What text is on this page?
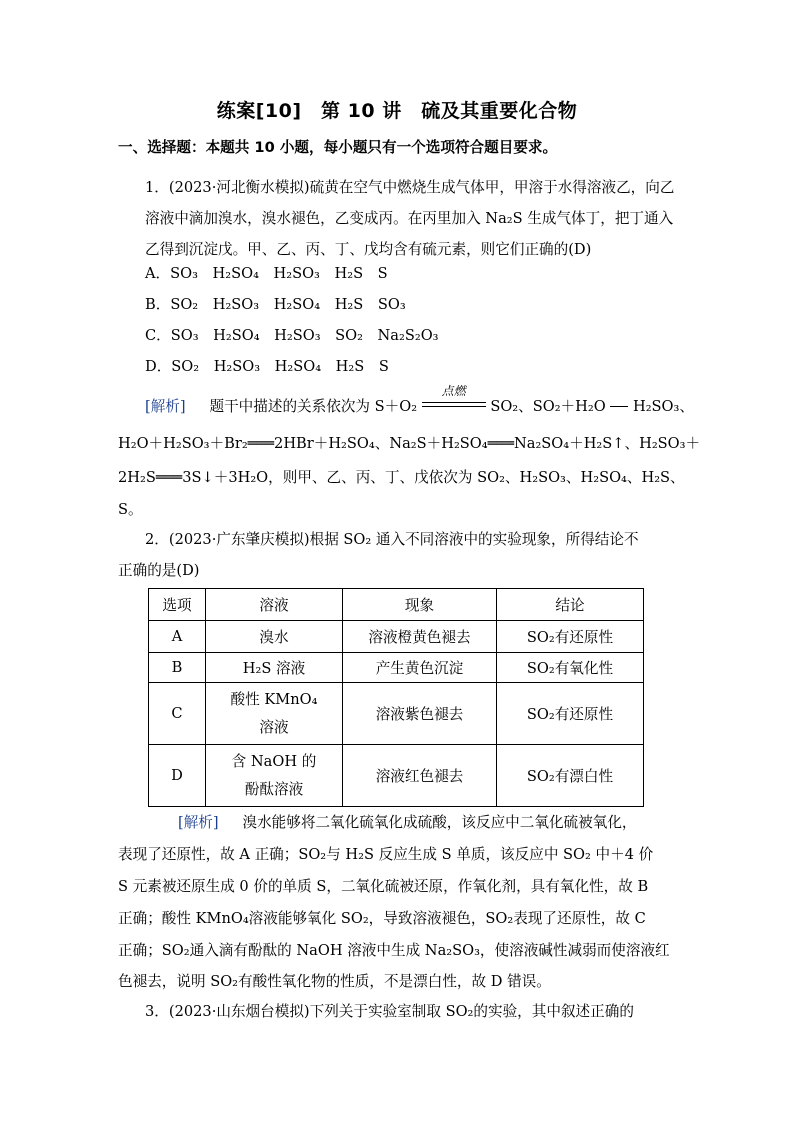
练案[10]　第 10 讲　硫及其重要化合物
一、选择题：本题共 10 小题，每小题只有一个选项符合题目要求。
1．(2023·河北衡水模拟)硫黄在空气中燃烧生成气体甲，甲溶于水得溶液乙，向乙溶液中滴加溴水，溴水褪色，乙变成丙。在丙里加入 Na₂S 生成气体丁，把丁通入乙得到沉淀戊。甲、乙、丙、丁、戊均含有硫元素，则它们正确的(D)
A．SO₃　H₂SO₄　H₂SO₃　H₂S　S
B．SO₂　H₂SO₃　H₂SO₄　H₂S　SO₃
C．SO₃　H₂SO₄　H₂SO₃　SO₂　Na₂S₂O₃
D．SO₂　H₂SO₃　H₂SO₄　H₂S　S
[解析] 　 题干中描述的关系依次为 S＋O₂
点燃
SO₂、SO₂＋H₂O H₂SO₃、
H₂O＋H₂SO₃＋Br₂═══2HBr＋H₂SO₄、Na₂S＋H₂SO₄═══Na₂SO₄＋H₂S↑、H₂SO₃＋
2H₂S═══3S↓＋3H₂O，则甲、乙、丙、丁、戊依次为 SO₂、H₂SO₃、H₂SO₄、H₂S、
S。
2．(2023·广东肇庆模拟)根据 SO₂ 通入不同溶液中的实验现象，所得结论不
正确的是(D)
选项	溶液	现象	结论
A	溴水	溶液橙黄色褪去	SO₂有还原性
B	H₂S 溶液	产生黄色沉淀	SO₂有氧化性
C	酸性 KMnO₄ 溶液	溶液紫色褪去	SO₂有还原性
D	含 NaOH 的 酚酞溶液	溶液红色褪去	SO₂有漂白性
[解析] 　 溴水能够将二氧化硫氧化成硫酸，该反应中二氧化硫被氧化，
表现了还原性，故 A 正确；SO₂与 H₂S 反应生成 S 单质，该反应中 SO₂ 中＋4 价
S 元素被还原生成 0 价的单质 S，二氧化硫被还原，作氧化剂，具有氧化性，故 B
正确；酸性 KMnO₄溶液能够氧化 SO₂，导致溶液褪色，SO₂表现了还原性，故 C
正确；SO₂通入滴有酚酞的 NaOH 溶液中生成 Na₂SO₃，使溶液碱性减弱而使溶液红
色褪去，说明 SO₂有酸性氧化物的性质，不是漂白性，故 D 错误。
3．(2023·山东烟台模拟)下列关于实验室制取 SO₂的实验，其中叙述正确的
